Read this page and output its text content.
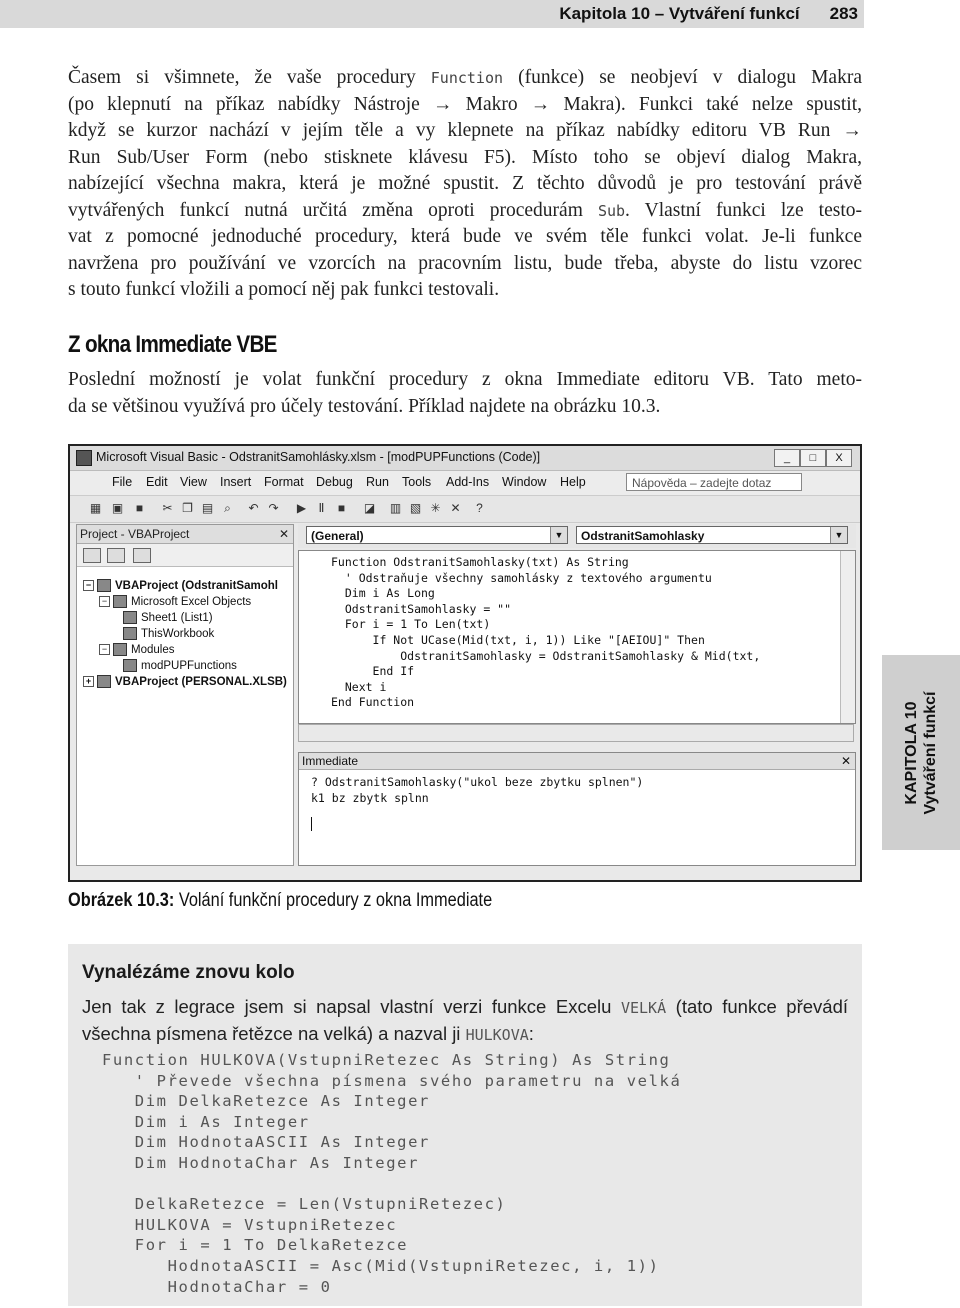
Kapitola 10 – Vytváření funkcí 283
Časem si všimnete, že vaše procedury Function (funkce) se neobjeví v dialogu Makra
(po klepnutí na příkaz nabídky Nástroje → Makro → Makra). Funkci také nelze spustit,
když se kurzor nachází v jejím těle a vy klepnete na příkaz nabídky editoru VB Run →
Run Sub/User Form (nebo stisknete klávesu F5). Místo toho se objeví dialog Makra,
nabízející všechna makra, která je možné spustit. Z těchto důvodů je pro testování právě
vytvářených funkcí nutná určitá změna oproti procedurám Sub. Vlastní funkci lze testo-
vat z pomocné jednoduché procedury, která bude ve svém těle funkci volat. Je-li funkce
navržena pro používání ve vzorcích na pracovním listu, bude třeba, abyste do listu vzorec
s touto funkcí vložili a pomocí něj pak funkci testovali.
Z okna Immediate VBE
Poslední možností je volat funkční procedury z okna Immediate editoru VB. Tato meto-
da se většinou využívá pro účely testování. Příklad najdete na obrázku 10.3.
Microsoft Visual Basic - OdstranitSamohlásky.xlsm - [modPUPFunctions (Code)]	_	□	X
File Edit View Insert Format Debug Run Tools Add-Ins Window Help	Nápověda – zadejte dotaz
▦ ▣	■	✂ ❐ ▤ ⌕	↶ ↷ ▶	Ⅱ	■	◪ ▥ ▧ ✳ ✕	?
Project - VBAProject	✕
− VBAProject (OdstranitSamohl
− Microsoft Excel Objects
Sheet1 (List1)
ThisWorkbook
− Modules
modPUPFunctions
+ VBAProject (PERSONAL.XLSB)
(General)	▼	OdstranitSamohlasky	▼
Function OdstranitSamohlasky(txt) As String
' Odstraňuje všechny samohlásky z textového argumentu
Dim i As Long
OdstranitSamohlasky = ""
For i = 1 To Len(txt)
If Not UCase(Mid(txt, i, 1)) Like "[AEIOU]" Then
OdstranitSamohlasky = OdstranitSamohlasky & Mid(txt,
End If
Next i
End Function
Immediate	✕
? OdstranitSamohlasky("ukol beze zbytku splnen")
k1 bz zbytk splnn	KAPITOLA 10 Vytváření funkcí
Obrázek 10.3: Volání funkční procedury z okna Immediate
Vynalézáme znovu kolo
Jen tak z legrace jsem si napsal vlastní verzi funkce Excelu VELKÁ (tato funkce převádí
všechna písmena řetězce na velká) a nazval ji HULKOVA:
Function HULKOVA(VstupniRetezec As String) As String
' Převede všechna písmena svého parametru na velká
Dim DelkaRetezce As Integer
Dim i As Integer
Dim HodnotaASCII As Integer
Dim HodnotaChar As Integer
DelkaRetezce = Len(VstupniRetezec)
HULKOVA = VstupniRetezec
For i = 1 To DelkaRetezce
HodnotaASCII = Asc(Mid(VstupniRetezec, i, 1))
HodnotaChar = 0
